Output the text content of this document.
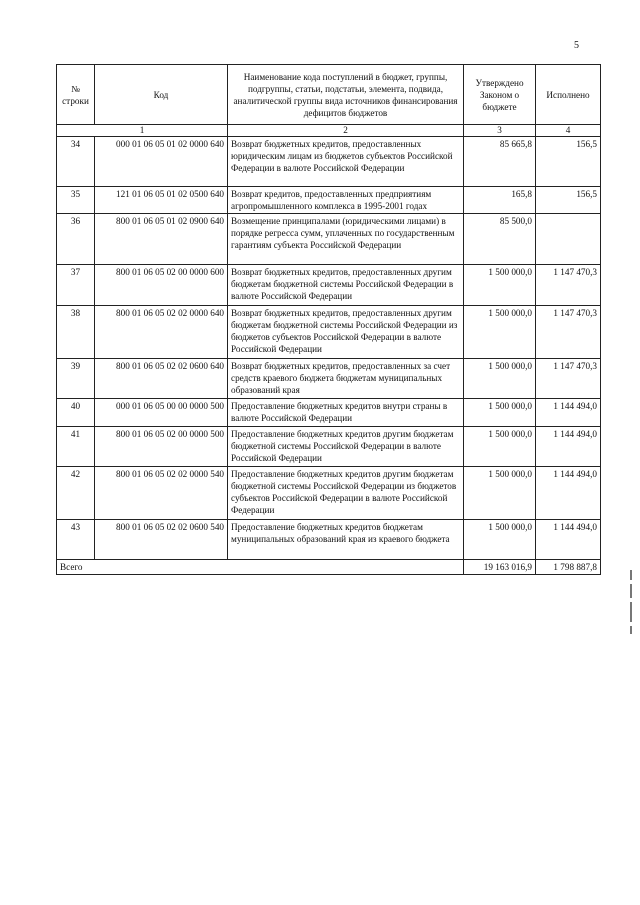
5
№ строки	Код	Наименование кода поступлений в бюджет, группы, подгруппы, статьи, подстатьи, элемента, подвида, аналитической группы вида источников финансирования дефицитов бюджетов	Утверждено Законом о бюджете	Исполнено
1		2	3	4
34	000 01 06 05 01 02 0000 640	Возврат бюджетных кредитов, предоставленных юридическим лицам из бюджетов субъектов Российской Федерации в валюте Российской Федерации	85 665,8	156,5
35	121 01 06 05 01 02 0500 640	Возврат кредитов, предоставленных предприятиям агропромышленного комплекса в 1995-2001 годах	165,8	156,5
36	800 01 06 05 01 02 0900 640	Возмещение принципалами (юридическими лицами) в порядке регресса сумм, уплаченных по государственным гарантиям субъекта Российской Федерации	85 500,0	
37	800 01 06 05 02 00 0000 600	Возврат бюджетных кредитов, предоставленных другим бюджетам бюджетной системы Российской Федерации в валюте Российской Федерации	1 500 000,0	1 147 470,3
38	800 01 06 05 02 02 0000 640	Возврат бюджетных кредитов, предоставленных другим бюджетам бюджетной системы Российской Федерации из бюджетов субъектов Российской Федерации в валюте Российской Федерации	1 500 000,0	1 147 470,3
39	800 01 06 05 02 02 0600 640	Возврат бюджетных кредитов, предоставленных за счет средств краевого бюджета бюджетам муниципальных образований края	1 500 000,0	1 147 470,3
40	000 01 06 05 00 00 0000 500	Предоставление бюджетных кредитов внутри страны в валюте Российской Федерации	1 500 000,0	1 144 494,0
41	800 01 06 05 02 00 0000 500	Предоставление бюджетных кредитов другим бюджетам бюджетной системы Российской Федерации в валюте Российской Федерации	1 500 000,0	1 144 494,0
42	800 01 06 05 02 02 0000 540	Предоставление бюджетных кредитов другим бюджетам бюджетной системы Российской Федерации из бюджетов субъектов Российской Федерации в валюте Российской Федерации	1 500 000,0	1 144 494,0
43	800 01 06 05 02 02 0600 540	Предоставление бюджетных кредитов бюджетам муниципальных образований края из краевого бюджета	1 500 000,0	1 144 494,0
Всего			19 163 016,9	1 798 887,8
